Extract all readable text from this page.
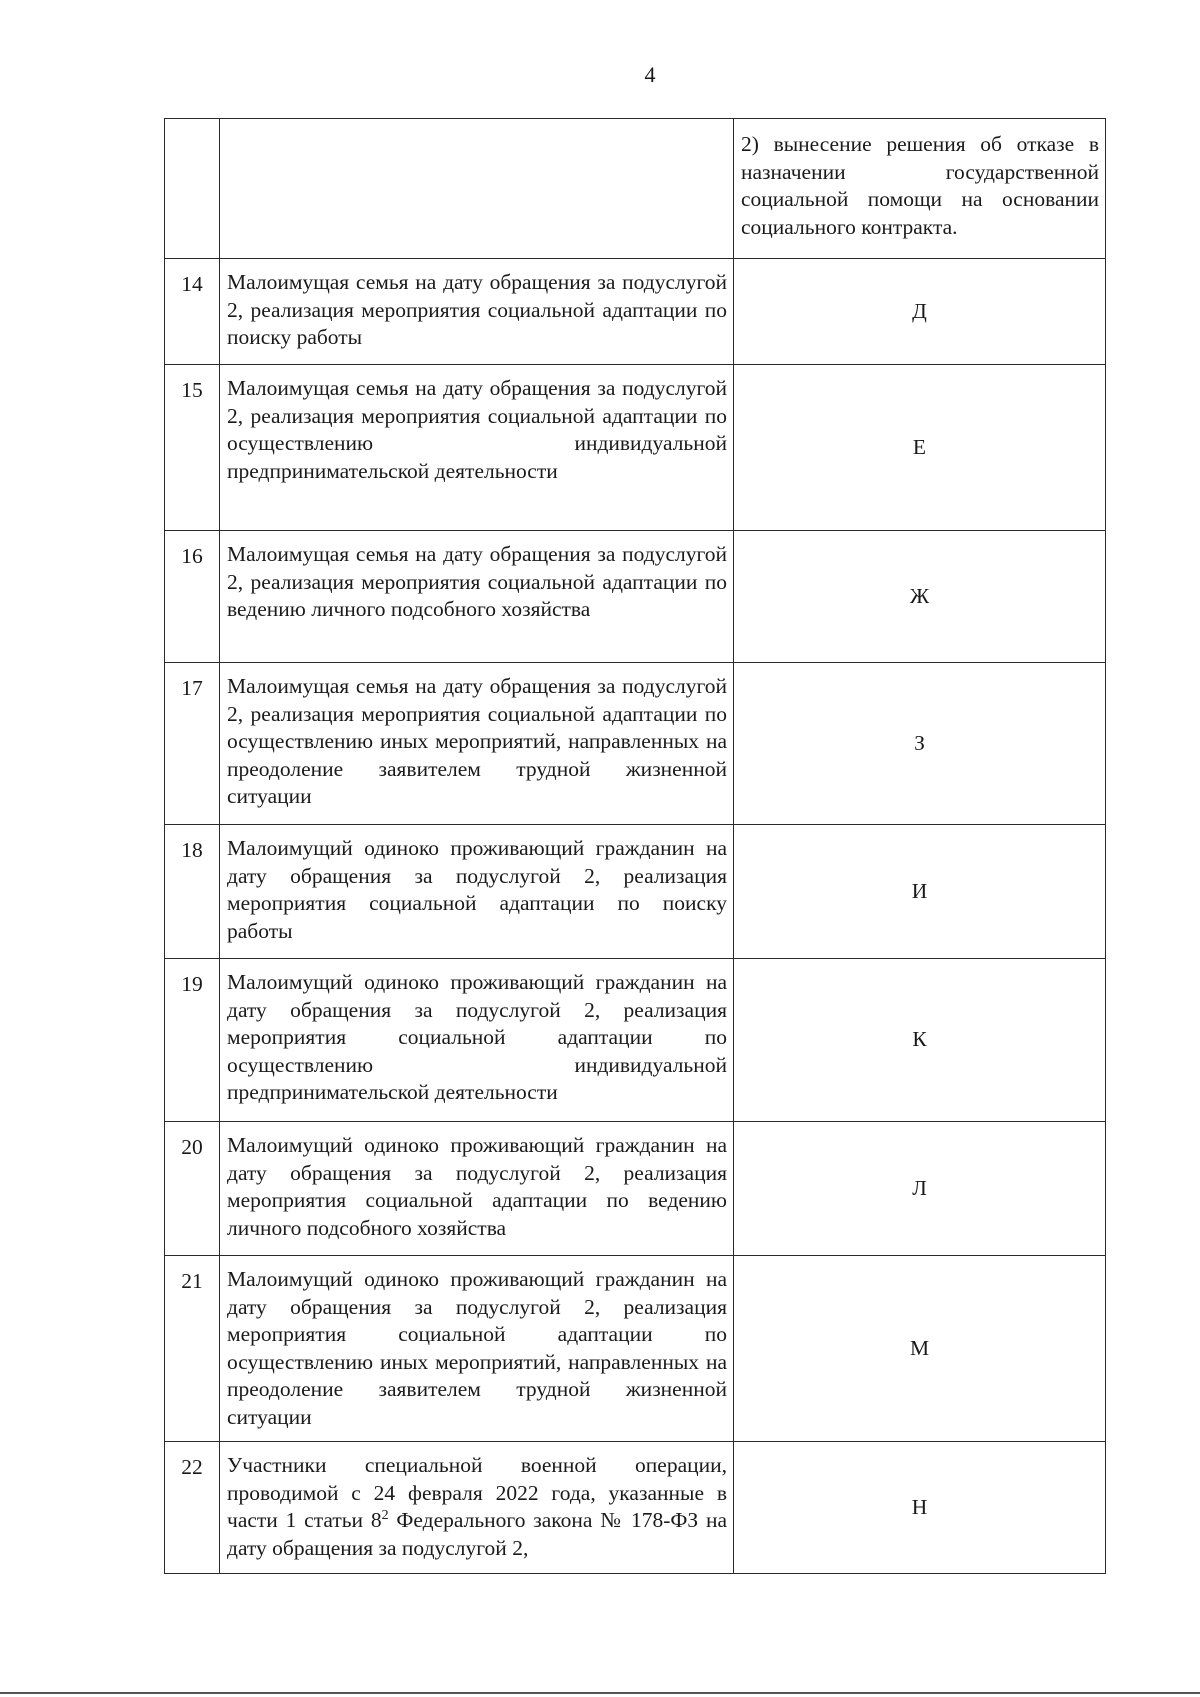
4
		2) вынесение решения об отказе в назначении государственной социальной помощи на основании социального контракта.
14	Малоимущая семья на дату обращения за подуслугой 2, реализация мероприятия социальной адаптации по поиску работы	Д
15	Малоимущая семья на дату обращения за подуслугой 2, реализация мероприятия социальной адаптации по осуществлению индивидуальной предпринимательской деятельности	Е
16	Малоимущая семья на дату обращения за подуслугой 2, реализация мероприятия социальной адаптации по ведению личного подсобного хозяйства	Ж
17	Малоимущая семья на дату обращения за подуслугой 2, реализация мероприятия социальной адаптации по осуществлению иных мероприятий, направленных на преодоление заявителем трудной жизненной ситуации	З
18	Малоимущий одиноко проживающий гражданин на дату обращения за подуслугой 2, реализация мероприятия социальной адаптации по поиску работы	И
19	Малоимущий одиноко проживающий гражданин на дату обращения за подуслугой 2, реализация мероприятия социальной адаптации по осуществлению индивидуальной предпринимательской деятельности	К
20	Малоимущий одиноко проживающий гражданин на дату обращения за подуслугой 2, реализация мероприятия социальной адаптации по ведению личного подсобного хозяйства	Л
21	Малоимущий одиноко проживающий гражданин на дату обращения за подуслугой 2, реализация мероприятия социальной адаптации по осуществлению иных мероприятий, направленных на преодоление заявителем трудной жизненной ситуации	М
22	Участники специальной военной операции, проводимой с 24 февраля 2022 года, указанные в части 1 статьи $8^2$ Федерального закона № 178-ФЗ на дату обращения за подуслугой 2,	Н
